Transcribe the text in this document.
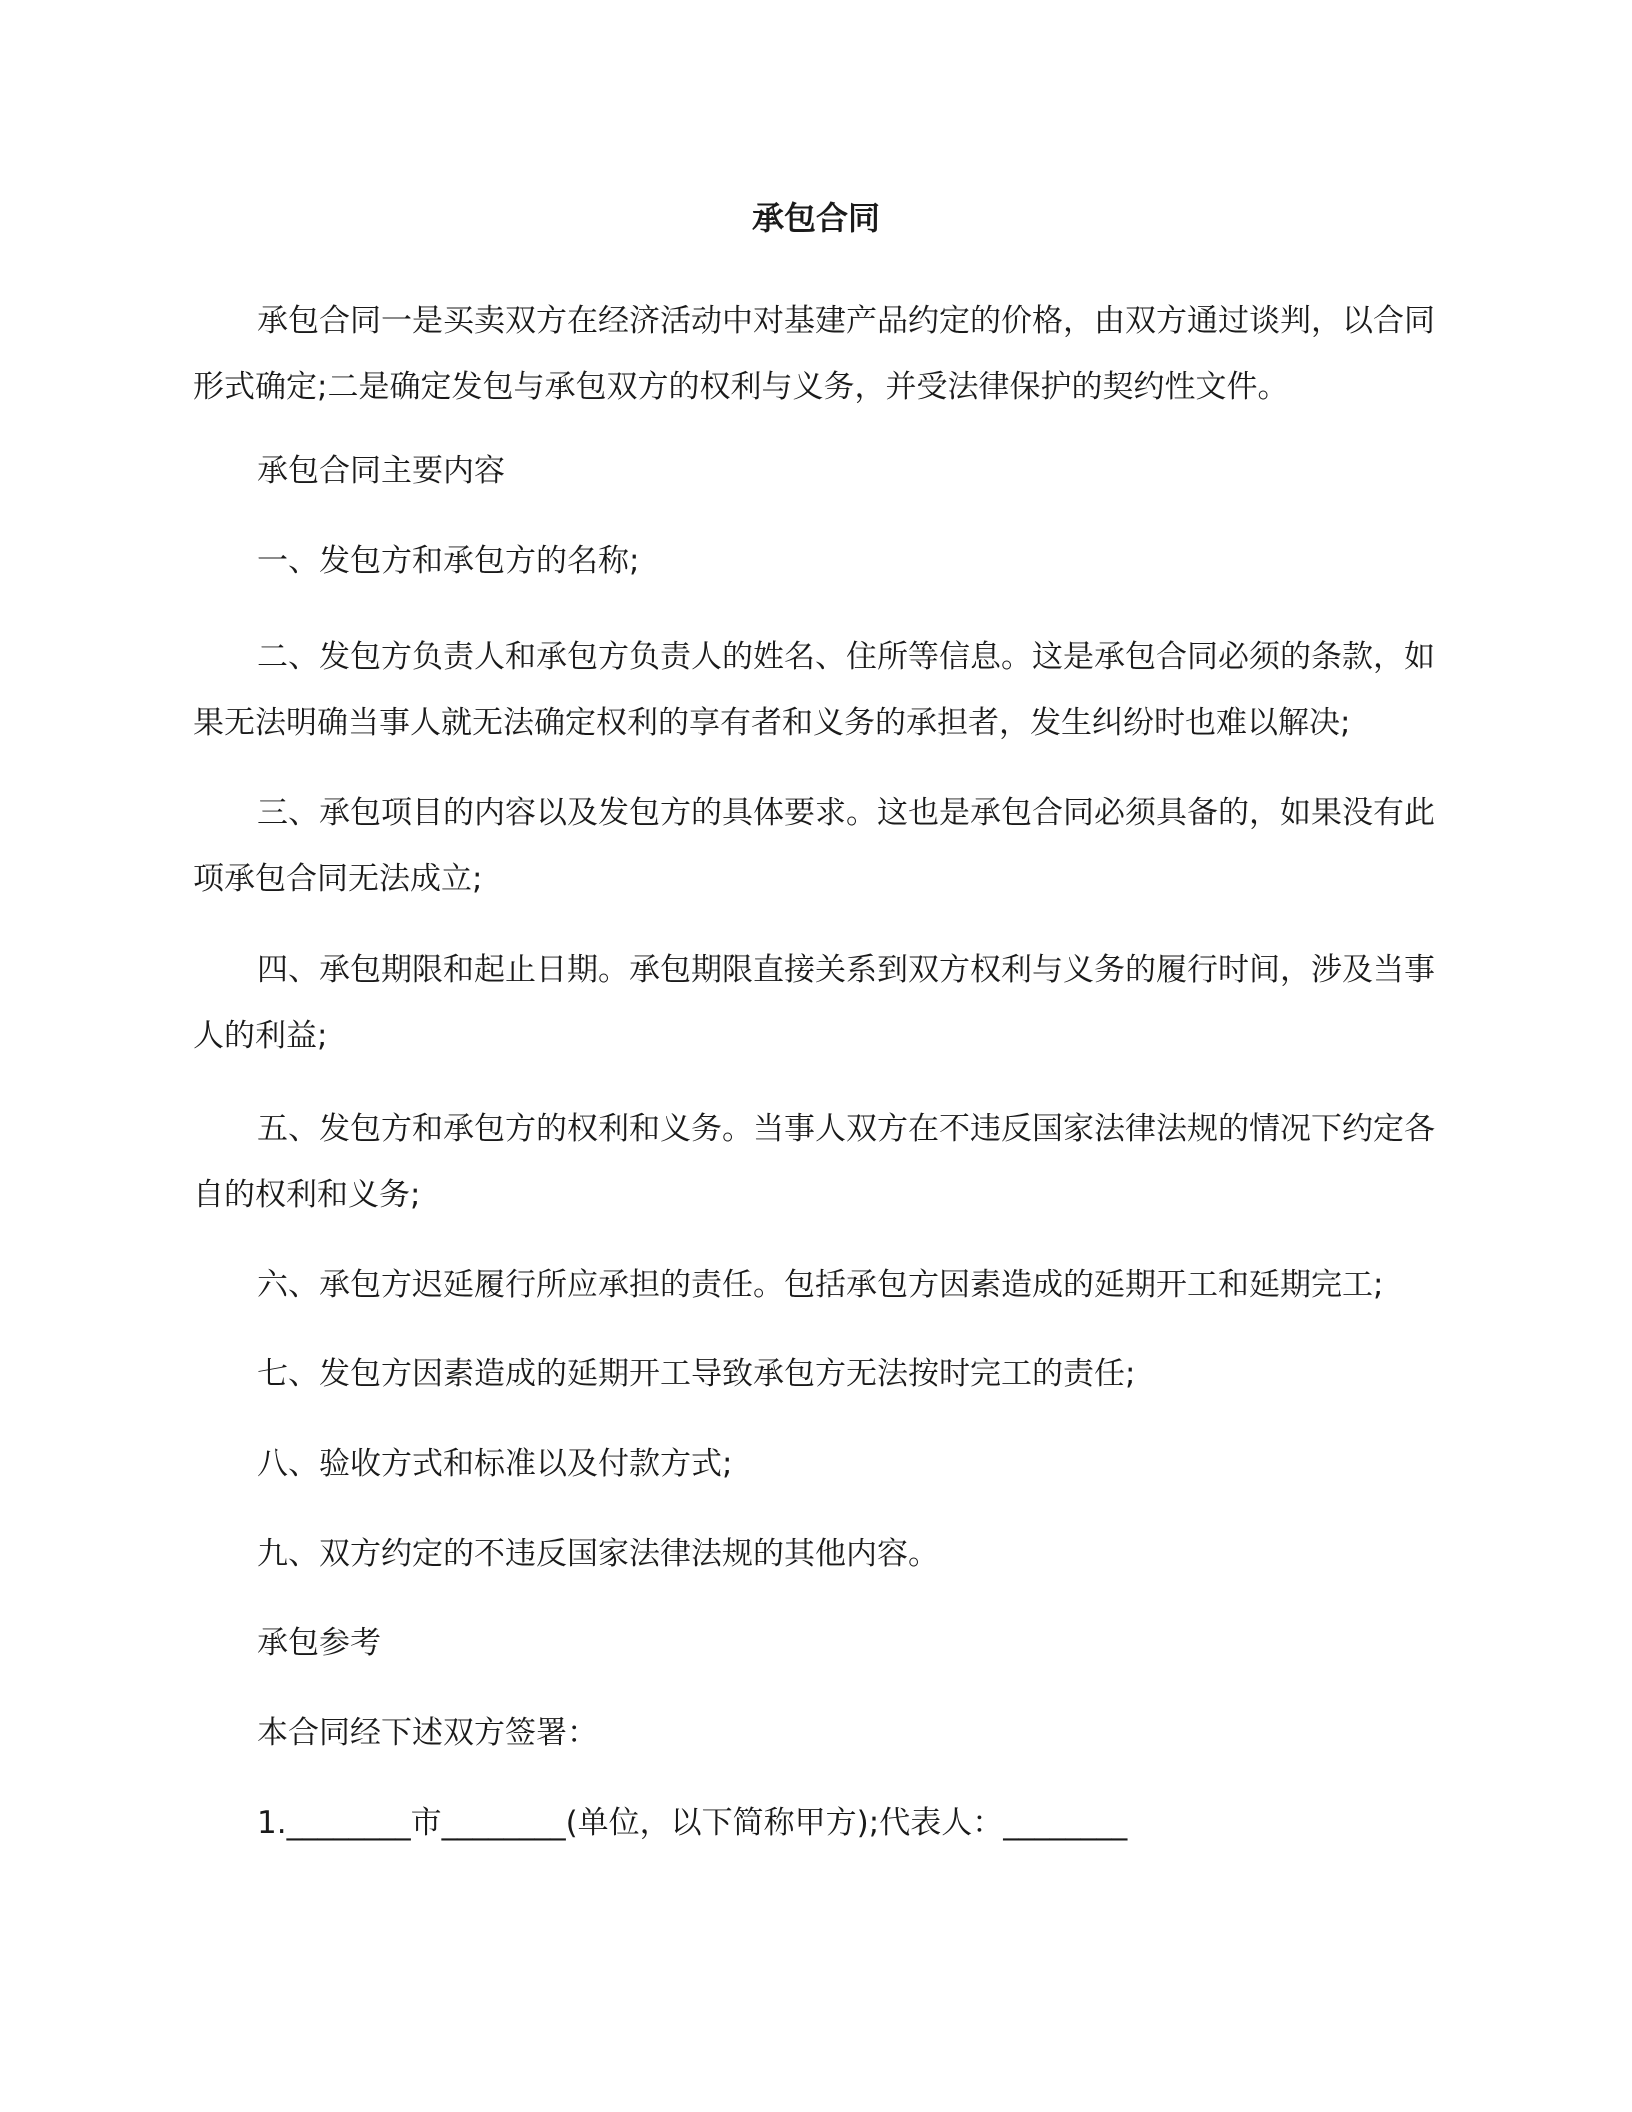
承包合同

承包合同一是买卖双方在经济活动中对基建产品约定的价格，由双方通过谈判，以合同形式确定;二是确定发包与承包双方的权利与义务，并受法律保护的契约性文件。

承包合同主要内容

一、发包方和承包方的名称;

二、发包方负责人和承包方负责人的姓名、住所等信息。这是承包合同必须的条款，如果无法明确当事人就无法确定权利的享有者和义务的承担者，发生纠纷时也难以解决;

三、承包项目的内容以及发包方的具体要求。这也是承包合同必须具备的，如果没有此项承包合同无法成立;

四、承包期限和起止日期。承包期限直接关系到双方权利与义务的履行时间，涉及当事人的利益;

五、发包方和承包方的权利和义务。当事人双方在不违反国家法律法规的情况下约定各自的权利和义务;

六、承包方迟延履行所应承担的责任。包括承包方因素造成的延期开工和延期完工;

七、发包方因素造成的延期开工导致承包方无法按时完工的责任;

八、验收方式和标准以及付款方式;

九、双方约定的不违反国家法律法规的其他内容。

承包参考

本合同经下述双方签署：

1.________市________(单位，以下简称甲方);代表人：________
